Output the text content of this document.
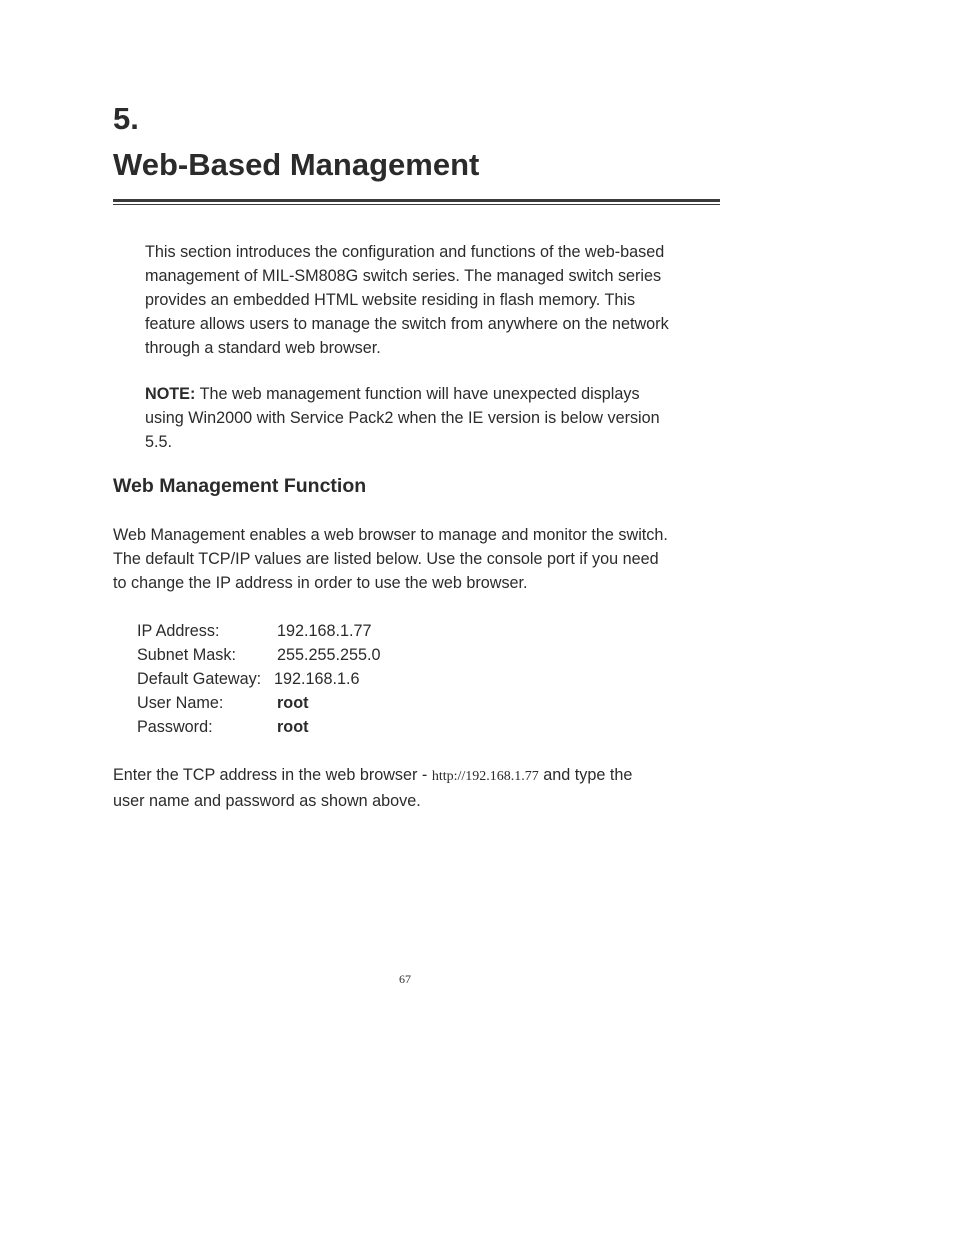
5.
Web-Based Management

This section introduces the configuration and functions of the web-based
management of MIL-SM808G switch series. The managed switch series
provides an embedded HTML website residing in flash memory. This
feature allows users to manage the switch from anywhere on the network
through a standard web browser.

NOTE: The web management function will have unexpected displays
using Win2000 with Service Pack2 when the IE version is below version
5.5.

Web Management Function

Web Management enables a web browser to manage and monitor the switch.
The default TCP/IP values are listed below. Use the console port if you need
to change the IP address in order to use the web browser.

IP Address:	192.168.1.77
Subnet Mask:	255.255.255.0
Default Gateway: 192.168.1.6
User Name:	root
Password:	root

Enter the TCP address in the web browser - http://192.168.1.77 and type the
user name and password as shown above.

67
